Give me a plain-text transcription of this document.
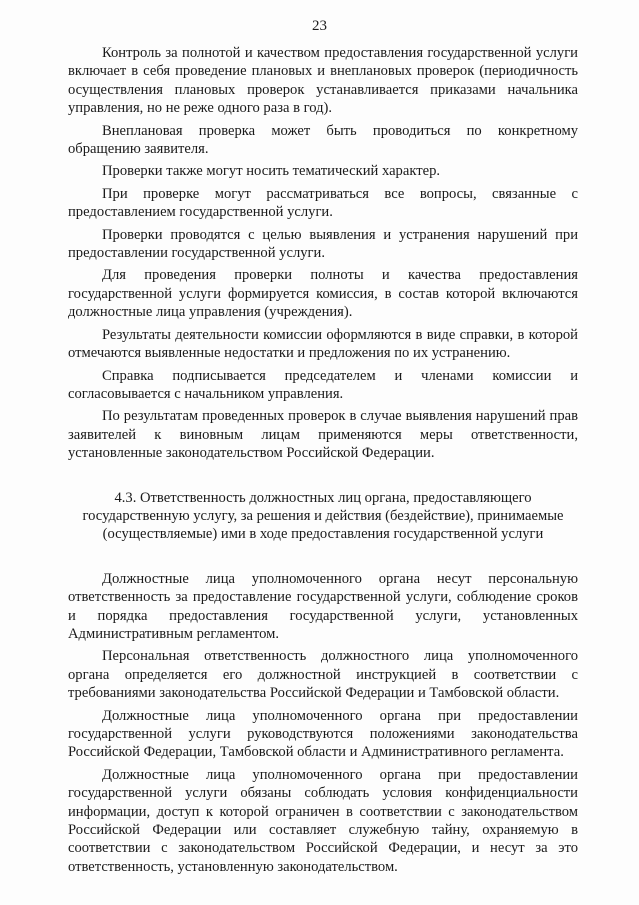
23

Контроль за полнотой и качеством предоставления государственной услуги включает в себя проведение плановых и внеплановых проверок (периодичность осуществления плановых проверок устанавливается приказами начальника управления, но не реже одного раза в год).

Внеплановая проверка может быть проводиться по конкретному обращению заявителя.

Проверки также могут носить тематический характер.

При проверке могут рассматриваться все вопросы, связанные с предоставлением государственной услуги.

Проверки проводятся с целью выявления и устранения нарушений при предоставлении государственной услуги.

Для проведения проверки полноты и качества предоставления государственной услуги формируется комиссия, в состав которой включаются должностные лица управления (учреждения).

Результаты деятельности комиссии оформляются в виде справки, в которой отмечаются выявленные недостатки и предложения по их устранению.

Справка подписывается председателем и членами комиссии и согласовывается с начальником управления.

По результатам проведенных проверок в случае выявления нарушений прав заявителей к виновным лицам применяются меры ответственности, установленные законодательством Российской Федерации.

4.3. Ответственность должностных лиц органа, предоставляющего государственную услугу, за решения и действия (бездействие), принимаемые (осуществляемые) ими в ходе предоставления государственной услуги

Должностные лица уполномоченного органа несут персональную ответственность за предоставление государственной услуги, соблюдение сроков и порядка предоставления государственной услуги, установленных Административным регламентом.

Персональная ответственность должностного лица уполномоченного органа определяется его должностной инструкцией в соответствии с требованиями законодательства Российской Федерации и Тамбовской области.

Должностные лица уполномоченного органа при предоставлении государственной услуги руководствуются положениями законодательства Российской Федерации, Тамбовской области и Административного регламента.

Должностные лица уполномоченного органа при предоставлении государственной услуги обязаны соблюдать условия конфиденциальности информации, доступ к которой ограничен в соответствии с законодательством Российской Федерации или составляет служебную тайну, охраняемую в соответствии с законодательством Российской Федерации, и несут за это ответственность, установленную законодательством.
